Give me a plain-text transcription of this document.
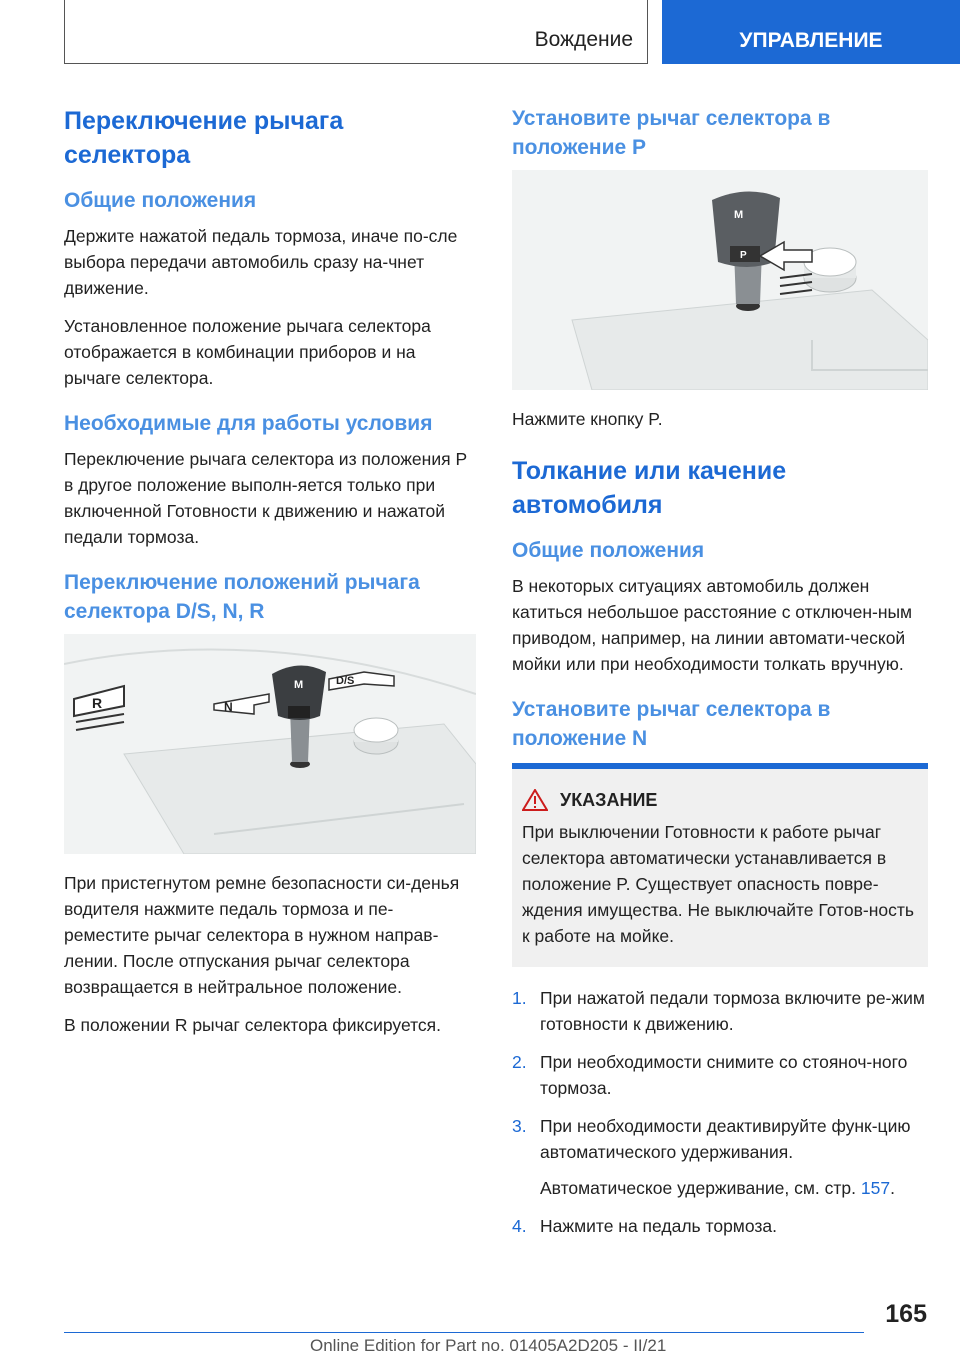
Вождение	УПРАВЛЕНИЕ
Переключение рычага селектора
Общие положения

Держите нажатой педаль тормоза, иначе по-сле выбора передачи автомобиль сразу на-чнет движение.

Установленное положение рычага селектора отображается в комбинации приборов и на рычаге селектора.

Необходимые для работы условия

Переключение рычага селектора из положения P в другое положение выполн-яется только при включенной Готовности к движению и нажатой педали тормоза.

Переключение положений рычага селектора D/S, N, R
R	N
D/S
M

При пристегнутом ремне безопасности си-денья водителя нажмите педаль тормоза и пе-реместите рычаг селектора в нужном направ-лении. После отпускания рычаг селектора возвращается в нейтральное положение.

В положении R рычаг селектора фиксируется.

Установите рычаг селектора в положение P
P
M

Нажмите кнопку P.

Толкание или качение автомобиля
Общие положения

В некоторых ситуациях автомобиль должен катиться небольшое расстояние с отключен-ным приводом, например, на линии автомати-ческой мойки или при необходимости толкать вручную.

Установите рычаг селектора в положение N
УКАЗАНИЕ

При выключении Готовности к работе рычаг селектора автоматически устанавливается в положение P. Существует опасность повре-ждения имущества. Не выключайте Готов-ность к работе на мойке.

1. При нажатой педали тормоза включите ре-жим готовности к движению.
2. При необходимости снимите со стояноч-ного тормоза.
3. При необходимости деактивируйте функ-цию автоматического удерживания.
Автоматическое удерживание, см. стр. 157.
4. Нажмите на педаль тормоза.
165
Online Edition for Part no. 01405A2D205 - II/21
